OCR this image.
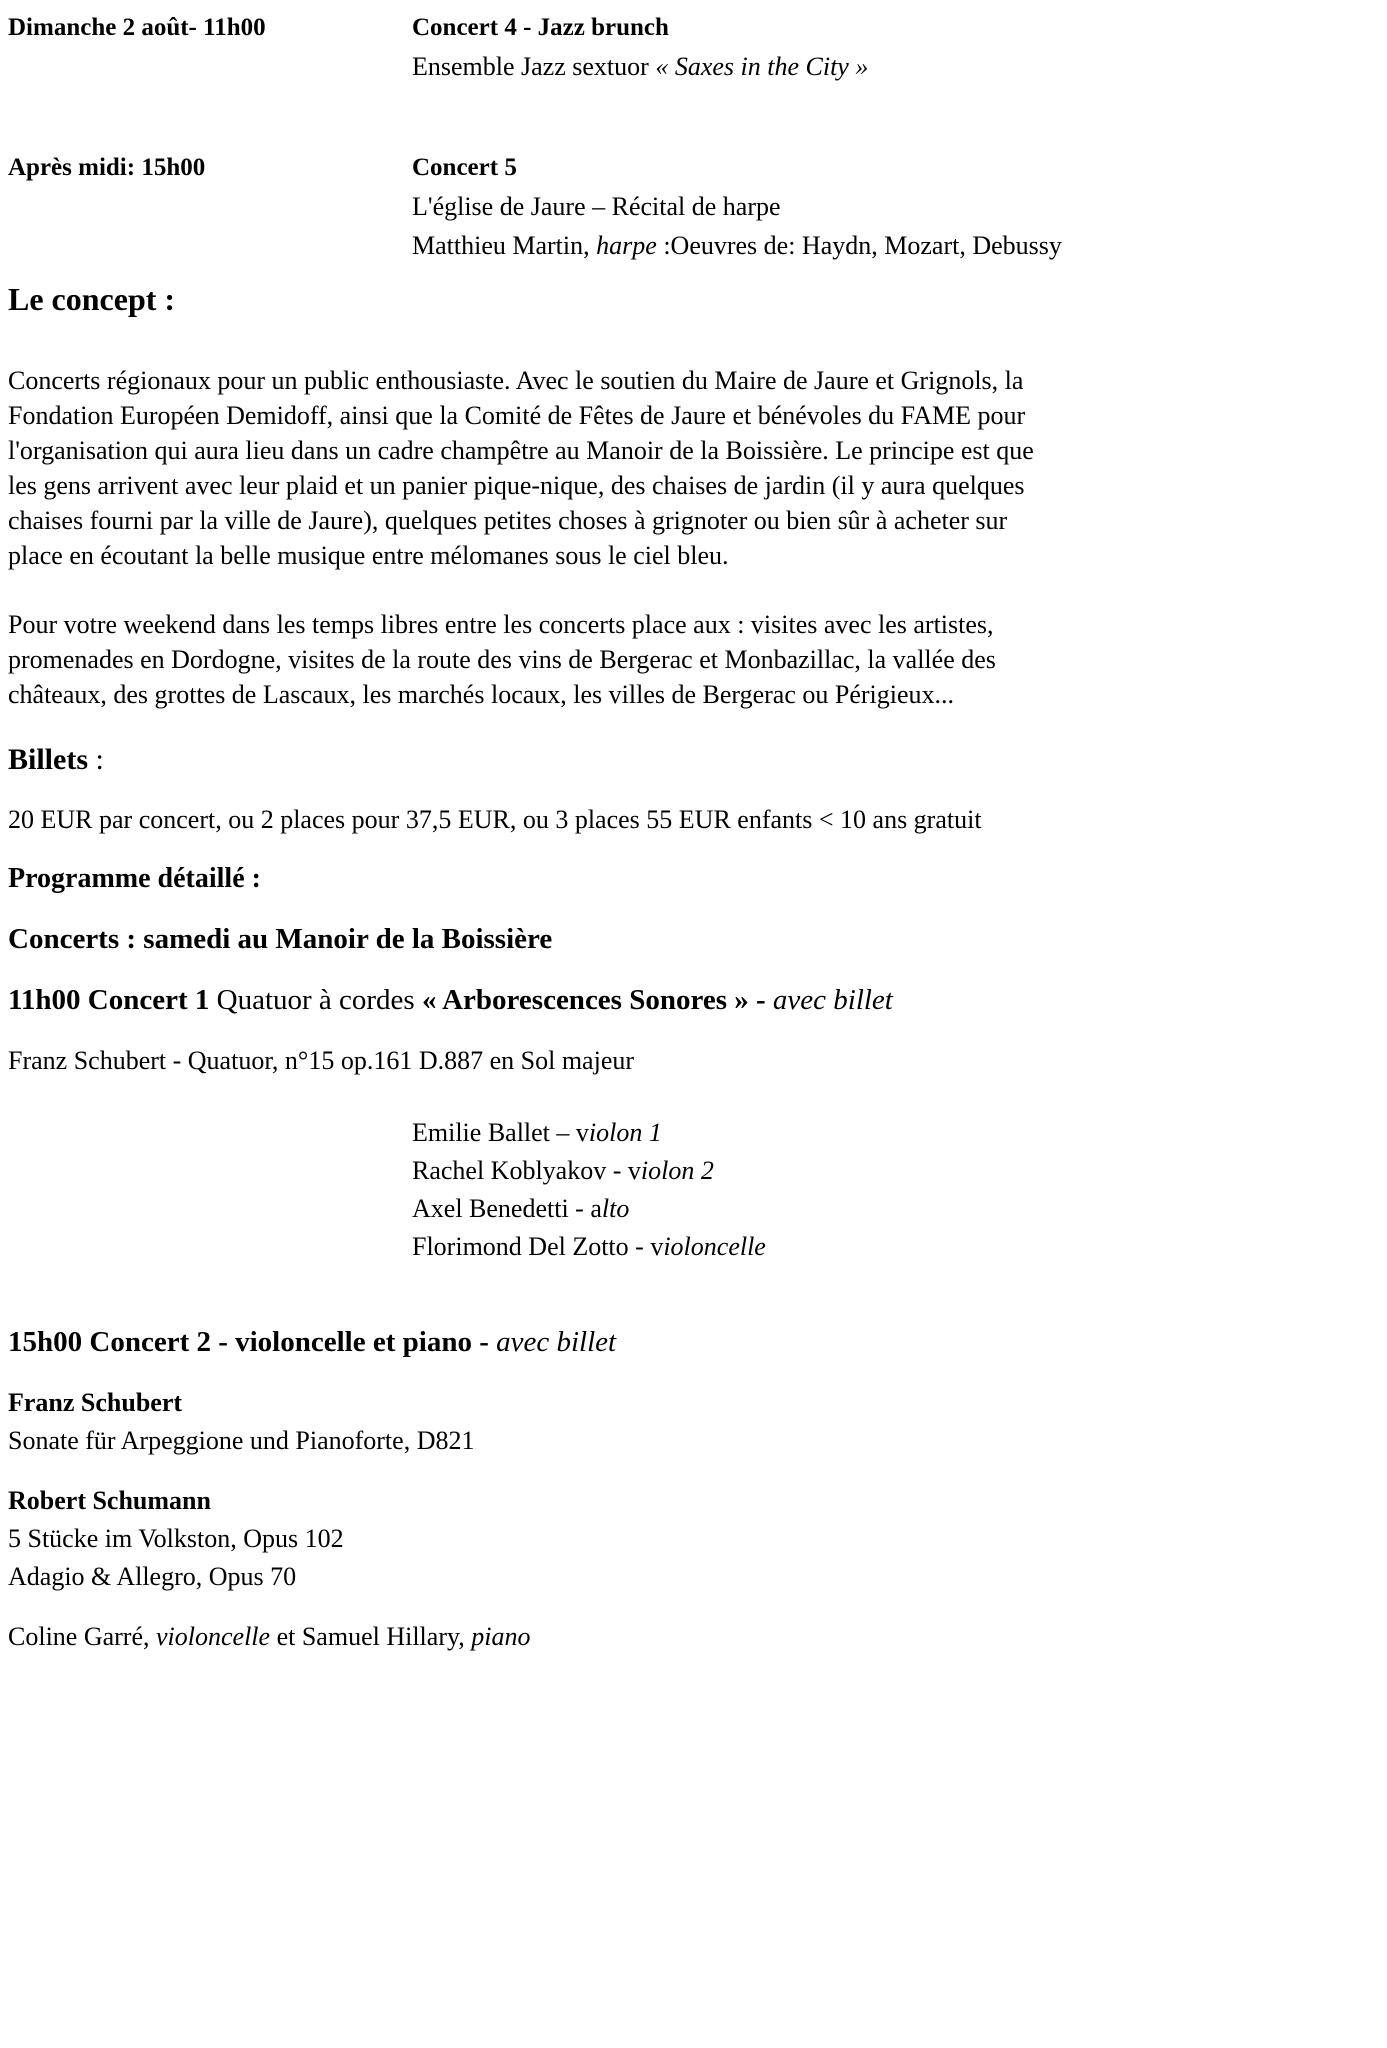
Dimanche 2 août- 11h00	Concert 4 - Jazz brunch
Ensemble Jazz sextuor « Saxes in the City »
Après midi: 15h00	Concert 5
L'église de Jaure – Récital de harpe
Matthieu Martin, harpe :Oeuvres de: Haydn, Mozart, Debussy
Le concept :

Concerts régionaux pour un public enthousiaste. Avec le soutien du Maire de Jaure et Grignols, la Fondation Européen Demidoff, ainsi que la Comité de Fêtes de Jaure et bénévoles du FAME pour l'organisation qui aura lieu dans un cadre champêtre au Manoir de la Boissière. Le principe est que les gens arrivent avec leur plaid et un panier pique-nique, des chaises de jardin (il y aura quelques chaises fourni par la ville de Jaure), quelques petites choses à grignoter ou bien sûr à acheter sur place en écoutant la belle musique entre mélomanes sous le ciel bleu.

Pour votre weekend dans les temps libres entre les concerts place aux : visites avec les artistes, promenades en Dordogne, visites de la route des vins de Bergerac et Monbazillac, la vallée des châteaux, des grottes de Lascaux, les marchés locaux, les villes de Bergerac ou Périgieux...

Billets :

20 EUR par concert, ou 2 places pour 37,5 EUR, ou 3 places 55 EUR enfants < 10 ans gratuit

Programme détaillé :
Concerts : samedi au Manoir de la Boissière

11h00 Concert 1 Quatuor à cordes « Arborescences Sonores » - avec billet

Franz Schubert - Quatuor, n°15 op.161 D.887 en Sol majeur

Emilie Ballet – violon 1
Rachel Koblyakov - violon 2
Axel Benedetti - alto
Florimond Del Zotto - violoncelle

15h00 Concert 2 - violoncelle et piano - avec billet

Franz Schubert

Sonate für Arpeggione und Pianoforte, D821

Robert Schumann

5 Stücke im Volkston, Opus 102

Adagio & Allegro, Opus 70

Coline Garré, violoncelle et Samuel Hillary, piano
